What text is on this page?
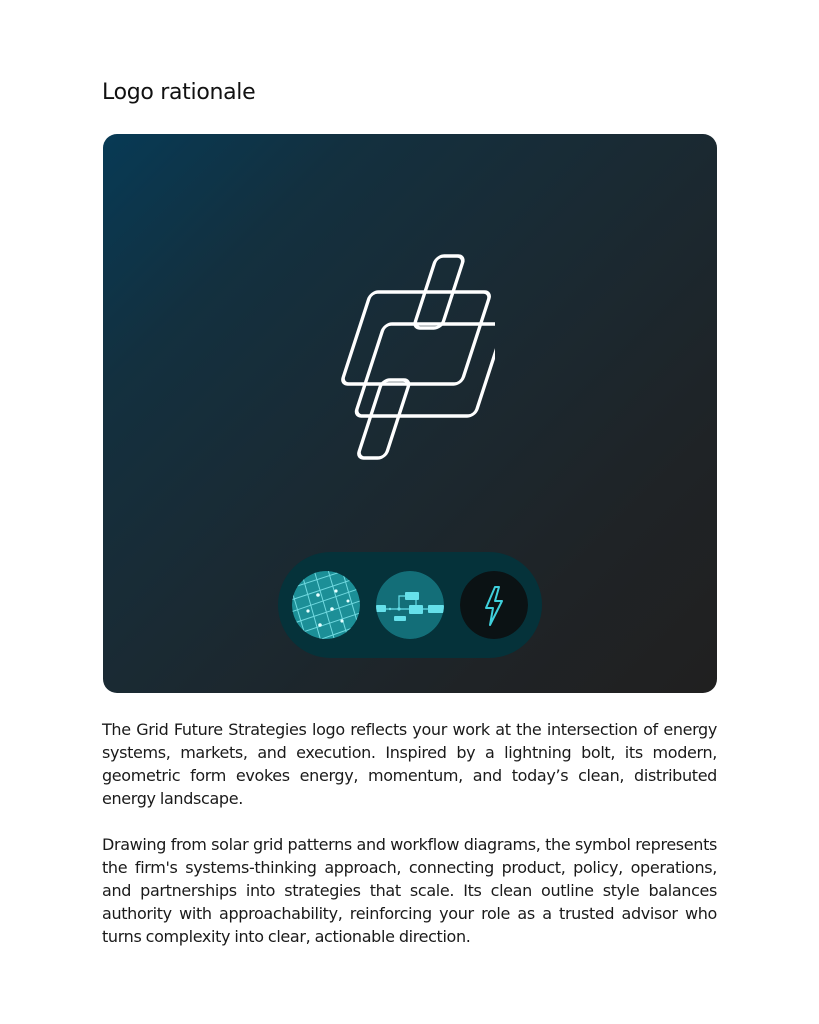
Logo rationale

The Grid Future Strategies logo reflects your work at the intersection of energy systems, markets, and execution. Inspired by a lightning bolt, its modern, geometric form evokes energy, momentum, and today’s clean, distributed energy landscape.

Drawing from solar grid patterns and workflow diagrams, the symbol represents the firm's systems-thinking approach, connecting product, policy, operations, and partnerships into strategies that scale. Its clean outline style balances authority with approachability, reinforcing your role as a trusted advisor who turns complexity into clear, actionable direction.
